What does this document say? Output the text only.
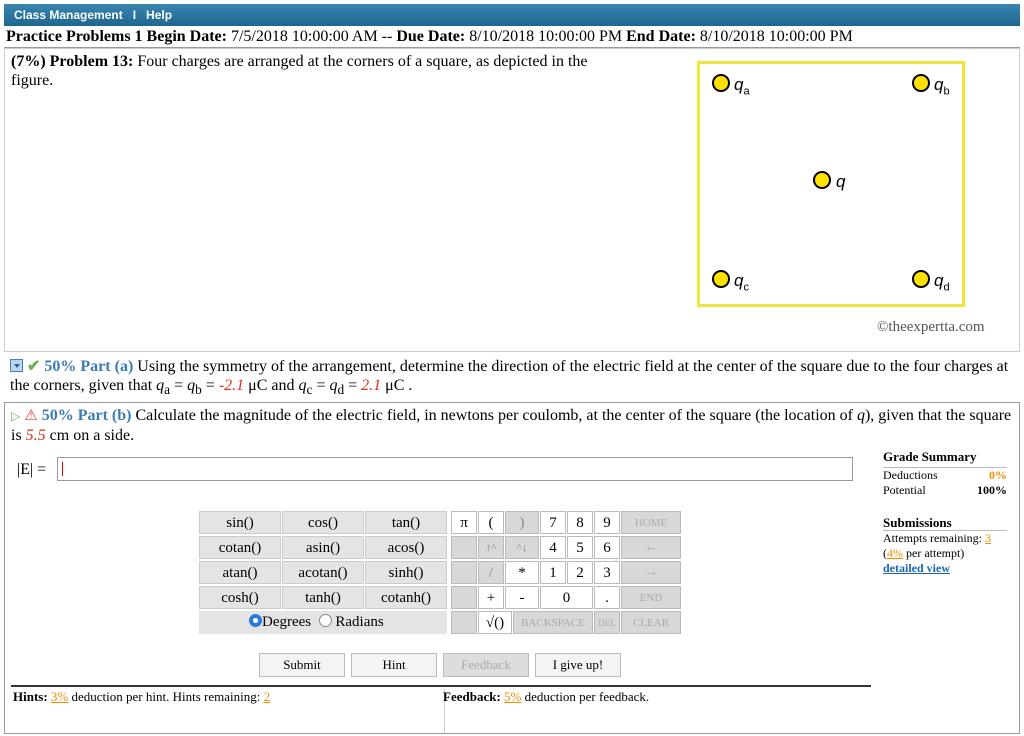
Class Management I Help
Practice Problems 1 Begin Date: 7/5/2018 10:00:00 AM -- Due Date: 8/10/2018 10:00:00 PM End Date: 8/10/2018 10:00:00 PM
(7%) Problem 13: Four charges are arranged at the corners of a square, as depicted in the figure.	$q_a$	$q_b$
q
$q_c$	$q_d$
©theexpertta.com
✔ 50% Part (a) Using the symmetry of the arrangement, determine the direction of the electric field at the center of the square due to the four charges at the corners, given that $q_a = q_b = -2.1$ μC and $q_c = q_d = 2.1$ μC .
▷ ⚠ 50% Part (b) Calculate the magnitude of the electric field, in newtons per coulomb, at the center of the square (the location of q), given that the square is 5.5 cm on a side.
|E| =
Grade Summary
Deductions	0%
Potential	100%
Submissions
Attempts remaining: 3
(4% per attempt)
detailed view
sin()	cos()	tan()
cotan()	asin()	acos()
atan()	acotan()	sinh()
cosh()	tanh()	cotanh()
Degrees Radians
π	(	)	7	8	9	HOME
↑^	^↓	4	5	6	←
/	*	1	2	3	→
+	-	0	.	END
√()	BACKSPACE	DEL	CLEAR
Submit	Hint	Feedback	I give up!
Hints: 3% deduction per hint. Hints remaining: 2	Feedback: 5% deduction per feedback.
